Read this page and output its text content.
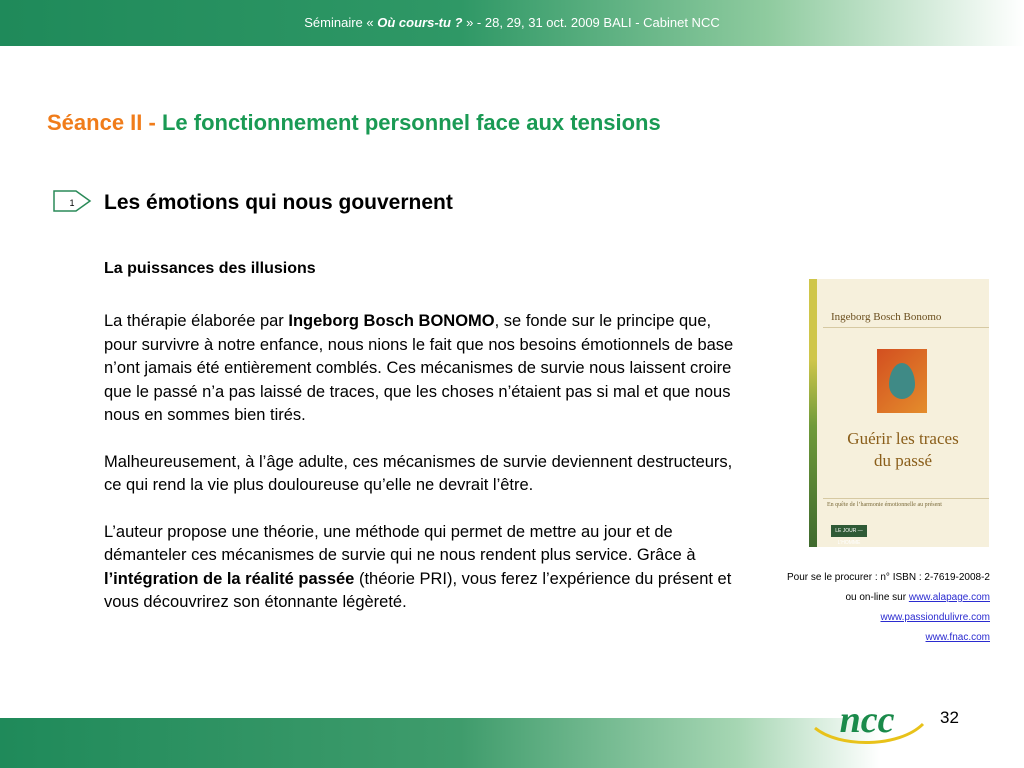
Séminaire « Où cours-tu ? » - 28, 29, 31 oct. 2009 BALI - Cabinet NCC
Séance II - Le fonctionnement personnel face aux tensions
1 Les émotions qui nous gouvernent
La puissances des illusions

La thérapie élaborée par Ingeborg Bosch BONOMO, se fonde sur le principe que, pour survivre à notre enfance, nous nions le fait que nos besoins émotionnels de base n’ont jamais été entièrement comblés. Ces mécanismes de survie nous laissent croire que le passé n’a pas laissé de traces, que les choses n’étaient pas si mal et que nous nous en sommes bien tirés.

Malheureusement, à l’âge adulte, ces mécanismes de survie deviennent destructeurs, ce qui rend la vie plus douloureuse qu’elle ne devrait l’être.

L’auteur propose une théorie, une méthode qui permet de mettre au jour et de démanteler ces mécanismes de survie qui ne nous rendent plus service. Grâce à l’intégration de la réalité passée (théorie PRI), vous ferez l’expérience du présent et vous découvrirez son étonnante légèreté.

Ingeborg Bosch Bonomo
Guérir les traces
du passé
En quête de l’harmonie émotionnelle au présent
LE JOUR — L’HOMME
Pour se le procurer : n° ISBN : 2-7619-2008-2
ou on-line sur www.alapage.com
www.passiondulivre.com
www.fnac.com
ncc	32
